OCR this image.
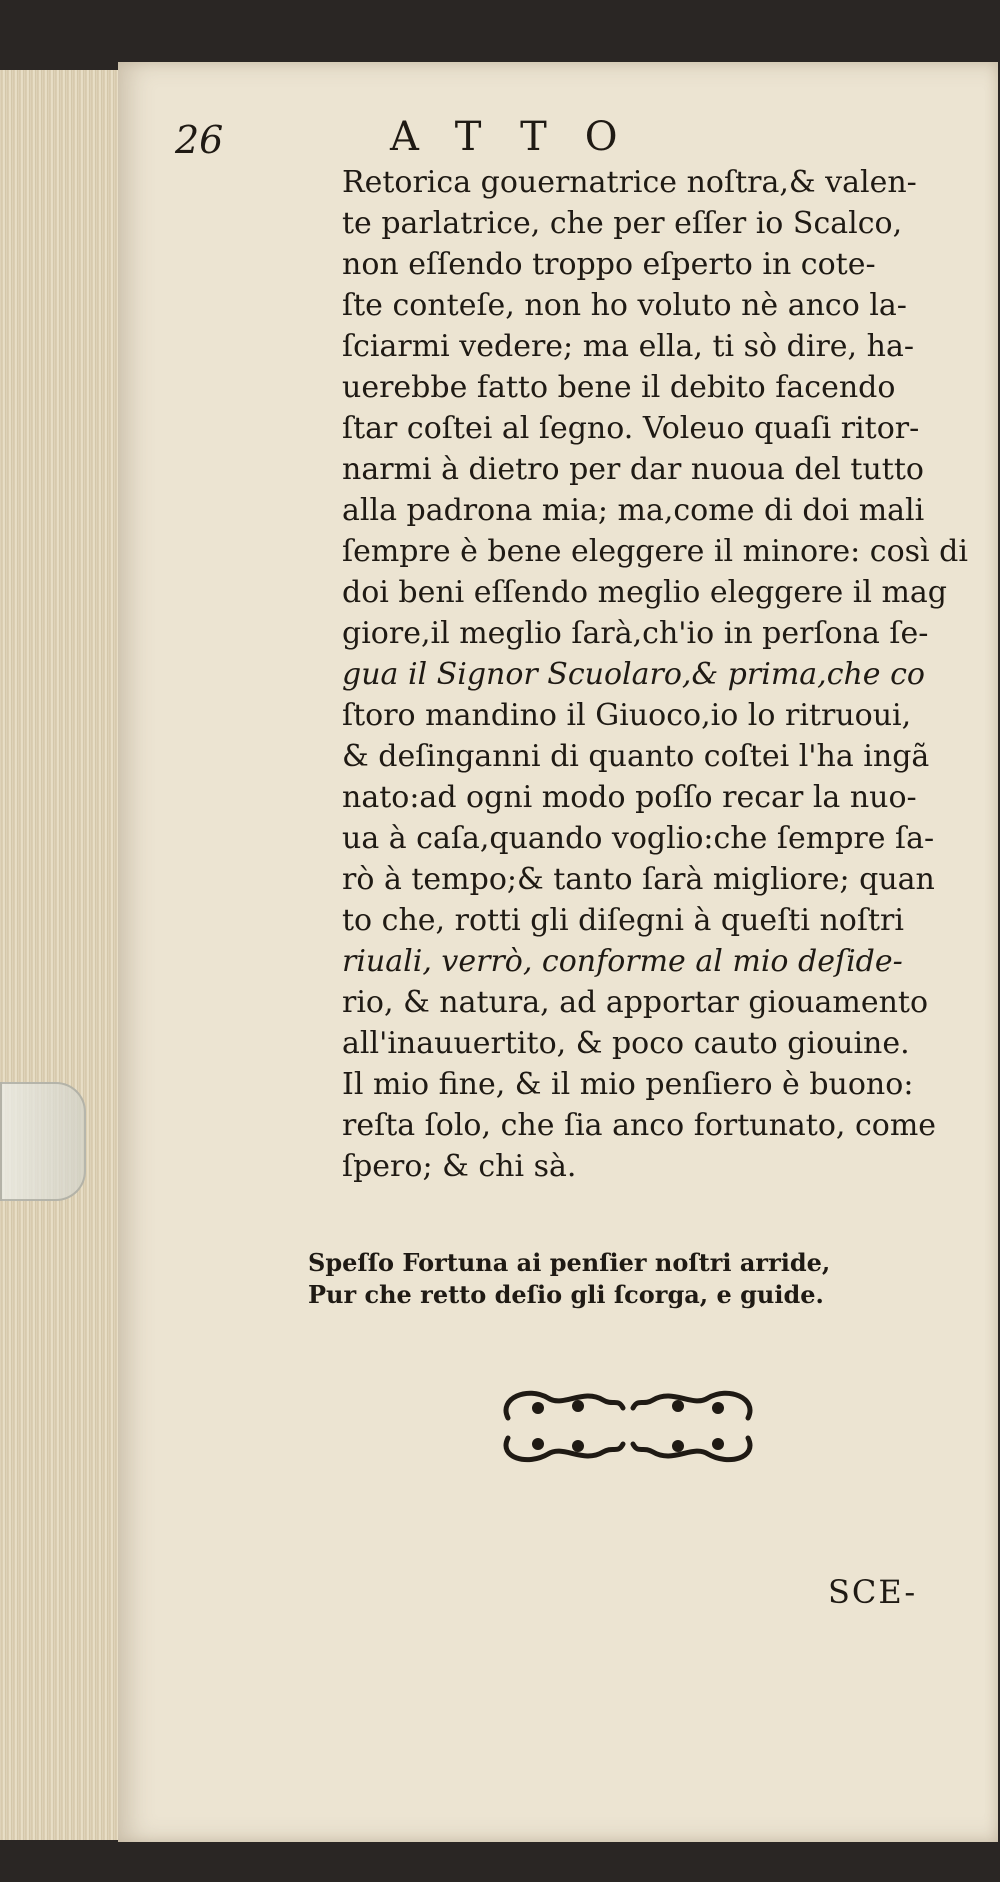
26	ATTO
Retorica gouernatrice noſtra,& valen-
te parlatrice, che per eſſer io Scalco,
non eſſendo troppo eſperto in cote-
ſte conteſe, non ho voluto nè anco la-
ſciarmi vedere; ma ella, ti sò dire, ha-
uerebbe fatto bene il debito facendo
ſtar coſtei al ſegno. Voleuo quaſi ritor-
narmi à dietro per dar nuoua del tutto
alla padrona mia; ma,come di doi mali
ſempre è bene eleggere il minore: così di
doi beni eſſendo meglio eleggere il mag
giore,il meglio ſarà,ch'io in perſona ſe-
gua il Signor Scuolaro,& prima,che co
ſtoro mandino il Giuoco,io lo ritruoui,
& deſinganni di quanto coſtei l'ha ingã
nato:ad ogni modo poſſo recar la nuo-
ua à caſa,quando voglio:che ſempre ſa-
rò à tempo;& tanto ſarà migliore; quan
to che, rotti gli diſegni à queſti noſtri
riuali, verrò, conforme al mio deſide-
rio, & natura, ad apportar giouamento
all'inauuertito, & poco cauto giouine.
Il mio fine, & il mio penſiero è buono:
reſta ſolo, che ſia anco fortunato, come
ſpero; & chi sà.
Speſſo Fortuna ai penſier noſtri arride,
Pur che retto deſio gli ſcorga, e guide.
SCE-
